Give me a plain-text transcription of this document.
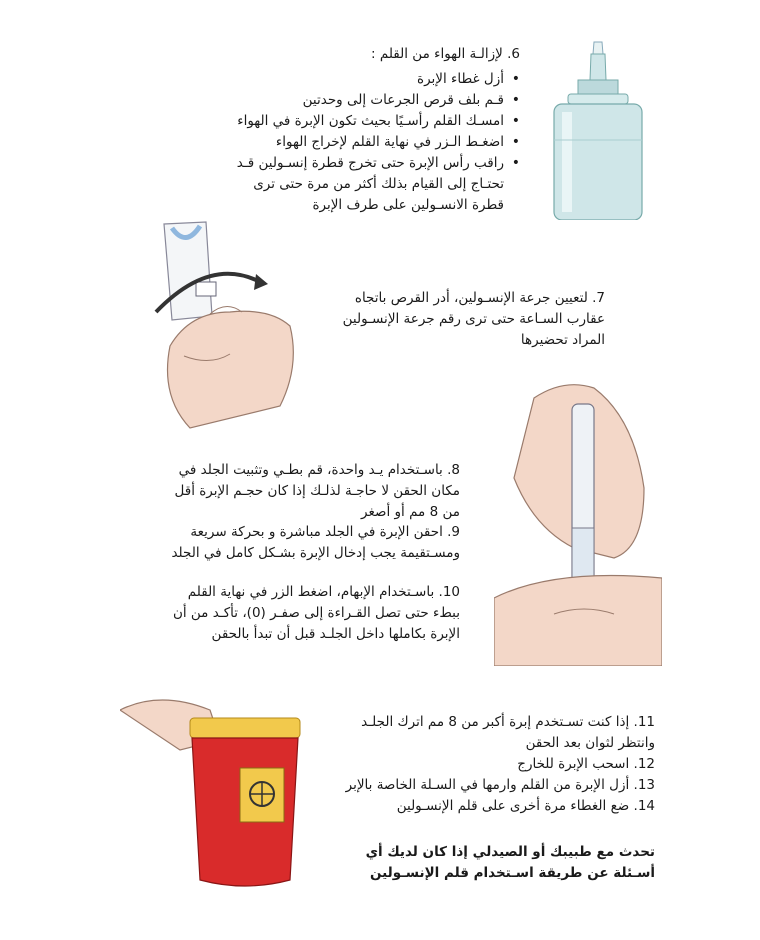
6. لإزالـة الهواء من القلم :
• أزل غطاء الإبرة
• قـم بلف قرص الجرعات إلى وحدتين
• امسـك القلم رأسـيًا بحيث تكون الإبرة في الهواء
• اضغـط الـزر في نهاية القلم لإخراج الهواء
• راقب رأس الإبرة حتى تخرج قطرة إنسـولين قـد تحتـاج إلى القيام بذلك أكثر من مرة حتى ترى قطرة الانسـولين على طرف الإبرة
7. لتعيين جرعة الإنسـولين، أدر القرص باتجاه عقارب السـاعة حتى ترى رقم جرعة الإنسـولين المراد تحضيرها
8. باسـتخدام يـد واحدة، قم بطـي وتثبيت الجلد في مكان الحقن لا حاجـة لذلـك إذا كان حجـم الإبرة أقل من 8 مم أو أصغر
9. احقن الإبرة في الجلد مباشرة و بحركة سريعة ومسـتقيمة يجب إدخال الإبرة بشـكل كامل في الجلد
10. باسـتخدام الإبهام، اضغط الزر في نهاية القلم ببطء حتى تصل القـراءة إلى صفـر (0)، تأكـد من أن الإبرة بكاملها داخل الجلـد قبل أن تبدأ بالحقن
11. إذا كنت تسـتخدم إبرة أكبر من 8 مم اترك الجلـد وانتظر لثوان بعد الحقن
12. اسحب الإبرة للخارج
13. أزل الإبرة من القلم وارمها في السـلة الخاصة بالإبر
14. ضع الغطاء مرة أخرى على قلم الإنسـولين
تحدث مع طبيبك أو الصيدلي إذا كان لديك أي أسـئلة عن طريقة اسـتخدام قلم الإنسـولين
